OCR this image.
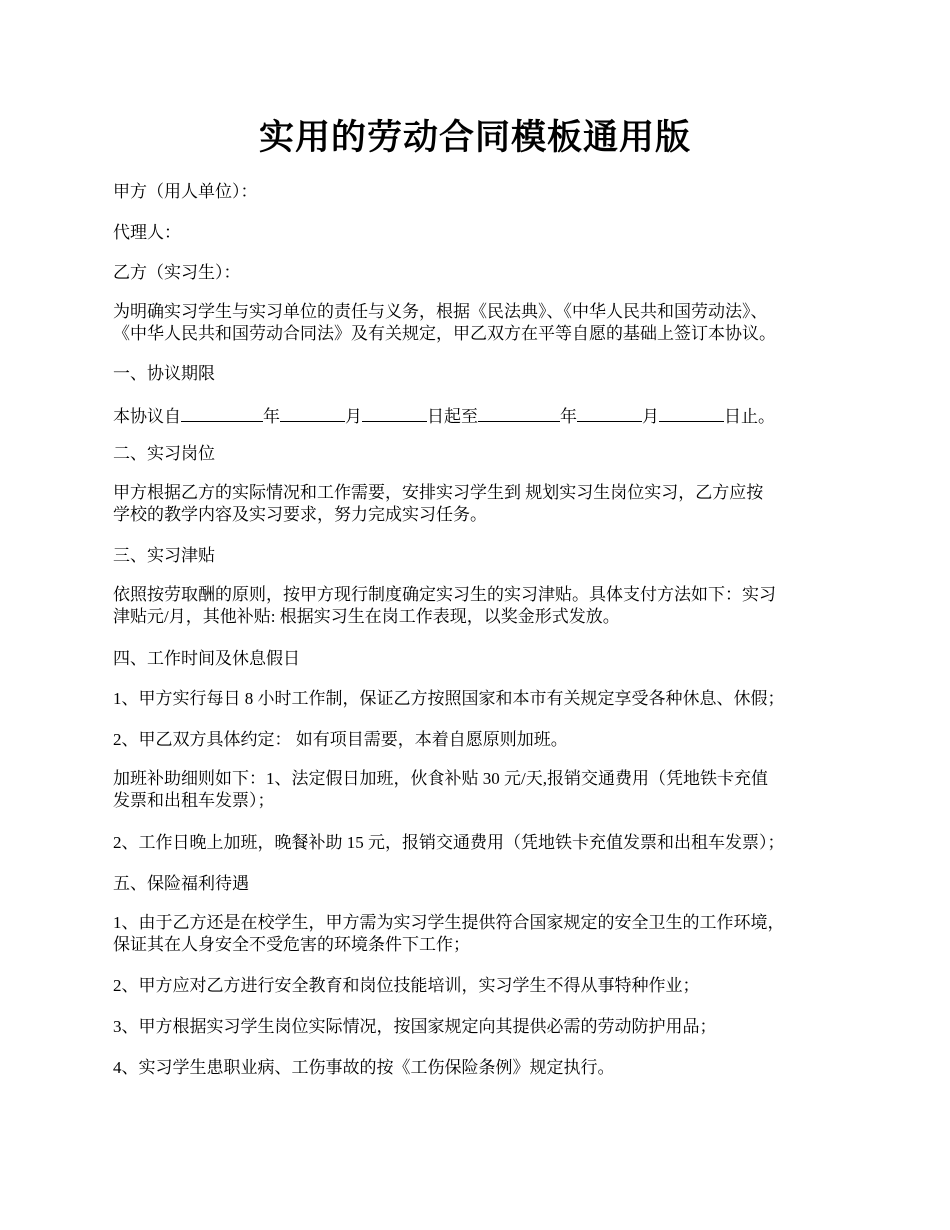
实用的劳动合同模板通用版
甲方（用人单位）：
代理人：
乙方（实习生）：
为明确实习学生与实习单位的责任与义务，根据《民法典》、《中华人民共和国劳动法》、
《中华人民共和国劳动合同法》及有关规定，甲乙双方在平等自愿的基础上签订本协议。
一、协议期限
本协议自	年	月	日起至	年	月	日止。
二、实习岗位
甲方根据乙方的实际情况和工作需要，安排实习学生到 规划实习生岗位实习，乙方应按
学校的教学内容及实习要求，努力完成实习任务。
三、实习津贴
依照按劳取酬的原则，按甲方现行制度确定实习生的实习津贴。具体支付方法如下：实习
津贴元/月，其他补贴: 根据实习生在岗工作表现，以奖金形式发放。
四、工作时间及休息假日
1、甲方实行每日 8 小时工作制，保证乙方按照国家和本市有关规定享受各种休息、休假；
2、甲乙双方具体约定： 如有项目需要，本着自愿原则加班。
加班补助细则如下：1、法定假日加班，伙食补贴 30 元/天,报销交通费用（凭地铁卡充值
发票和出租车发票）；
2、工作日晚上加班，晚餐补助 15 元，报销交通费用（凭地铁卡充值发票和出租车发票）；
五、保险福利待遇
1、由于乙方还是在校学生，甲方需为实习学生提供符合国家规定的安全卫生的工作环境，
保证其在人身安全不受危害的环境条件下工作；
2、甲方应对乙方进行安全教育和岗位技能培训，实习学生不得从事特种作业；
3、甲方根据实习学生岗位实际情况，按国家规定向其提供必需的劳动防护用品；
4、实习学生患职业病、工伤事故的按《工伤保险条例》规定执行。
